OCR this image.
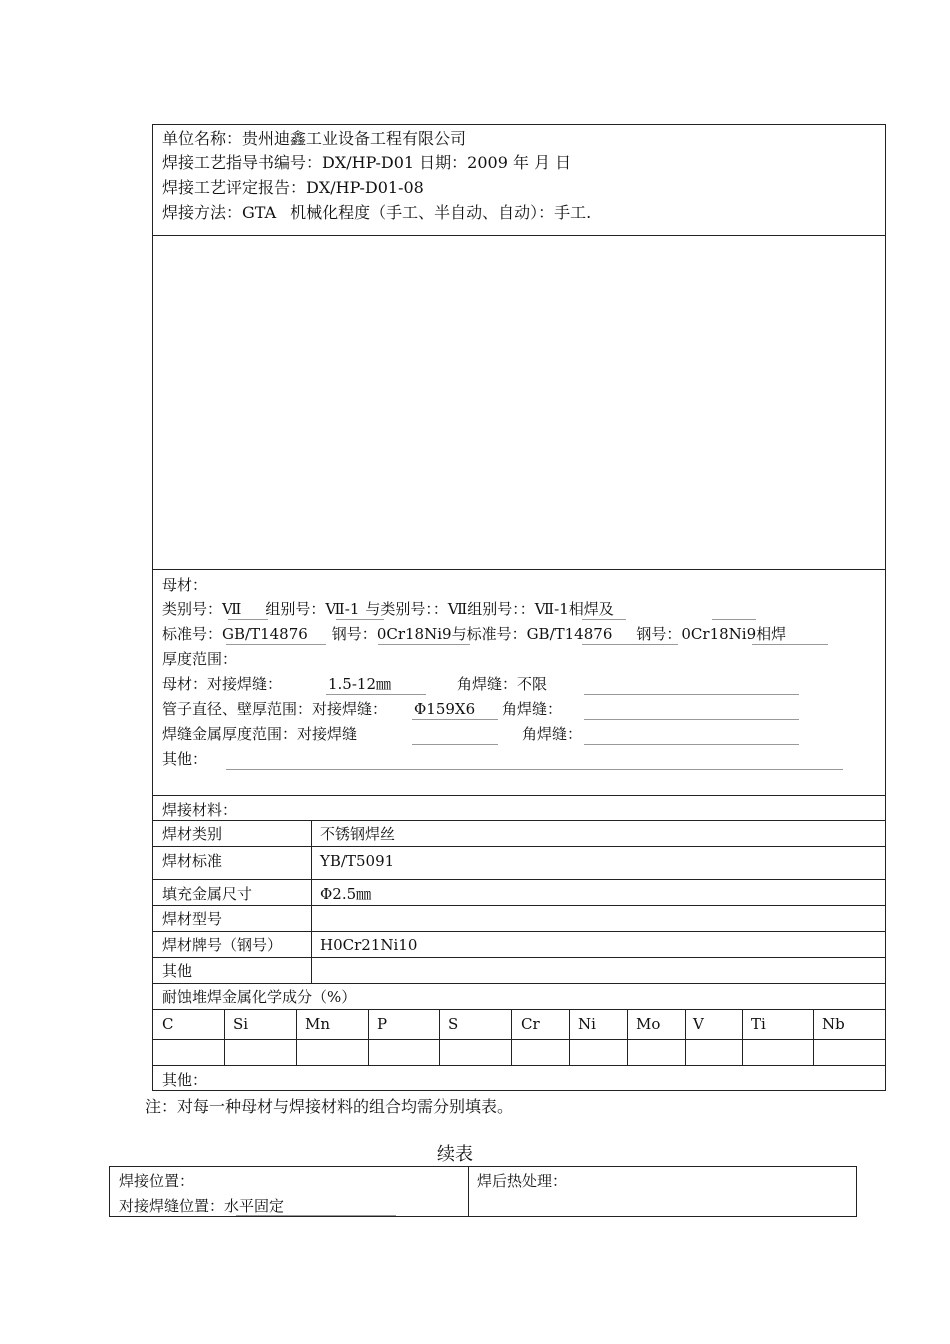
单位名称：贵州迪鑫工业设备工程有限公司
焊接工艺指导书编号：DX/HP-D01 日期：2009 年 月 日
焊接工艺评定报告：DX/HP-D01-08
焊接方法：GTA 机械化程度（手工、半自动、自动）：手工.
母材：
类别号：Ⅶ 组别号：Ⅶ-1 与类别号：：Ⅶ组别号：：Ⅶ-1相焊及
标准号：GB/T14876 钢号：0Cr18Ni9与标准号：GB/T14876 钢号：0Cr18Ni9相焊
厚度范围：
母材：对接焊缝：	1.5-12㎜	角焊缝：不限
管子直径、壁厚范围：对接焊缝： Φ159X6 角焊缝：
焊缝金属厚度范围：对接焊缝	角焊缝：
其他：
焊接材料：
焊材类别	不锈钢焊丝
焊材标准	YB/T5091
填充金属尺寸	Φ2.5㎜
焊材型号
焊材牌号（钢号）	H0Cr21Ni10
其他
耐蚀堆焊金属化学成分（%）
C	Si	Mn	P	S	Cr	Ni	Mo V	Ti	Nb
其他：
注：对每一种母材与焊接材料的组合均需分别填表。
续表
焊接位置：
对接焊缝位置：水平固定
焊后热处理：
